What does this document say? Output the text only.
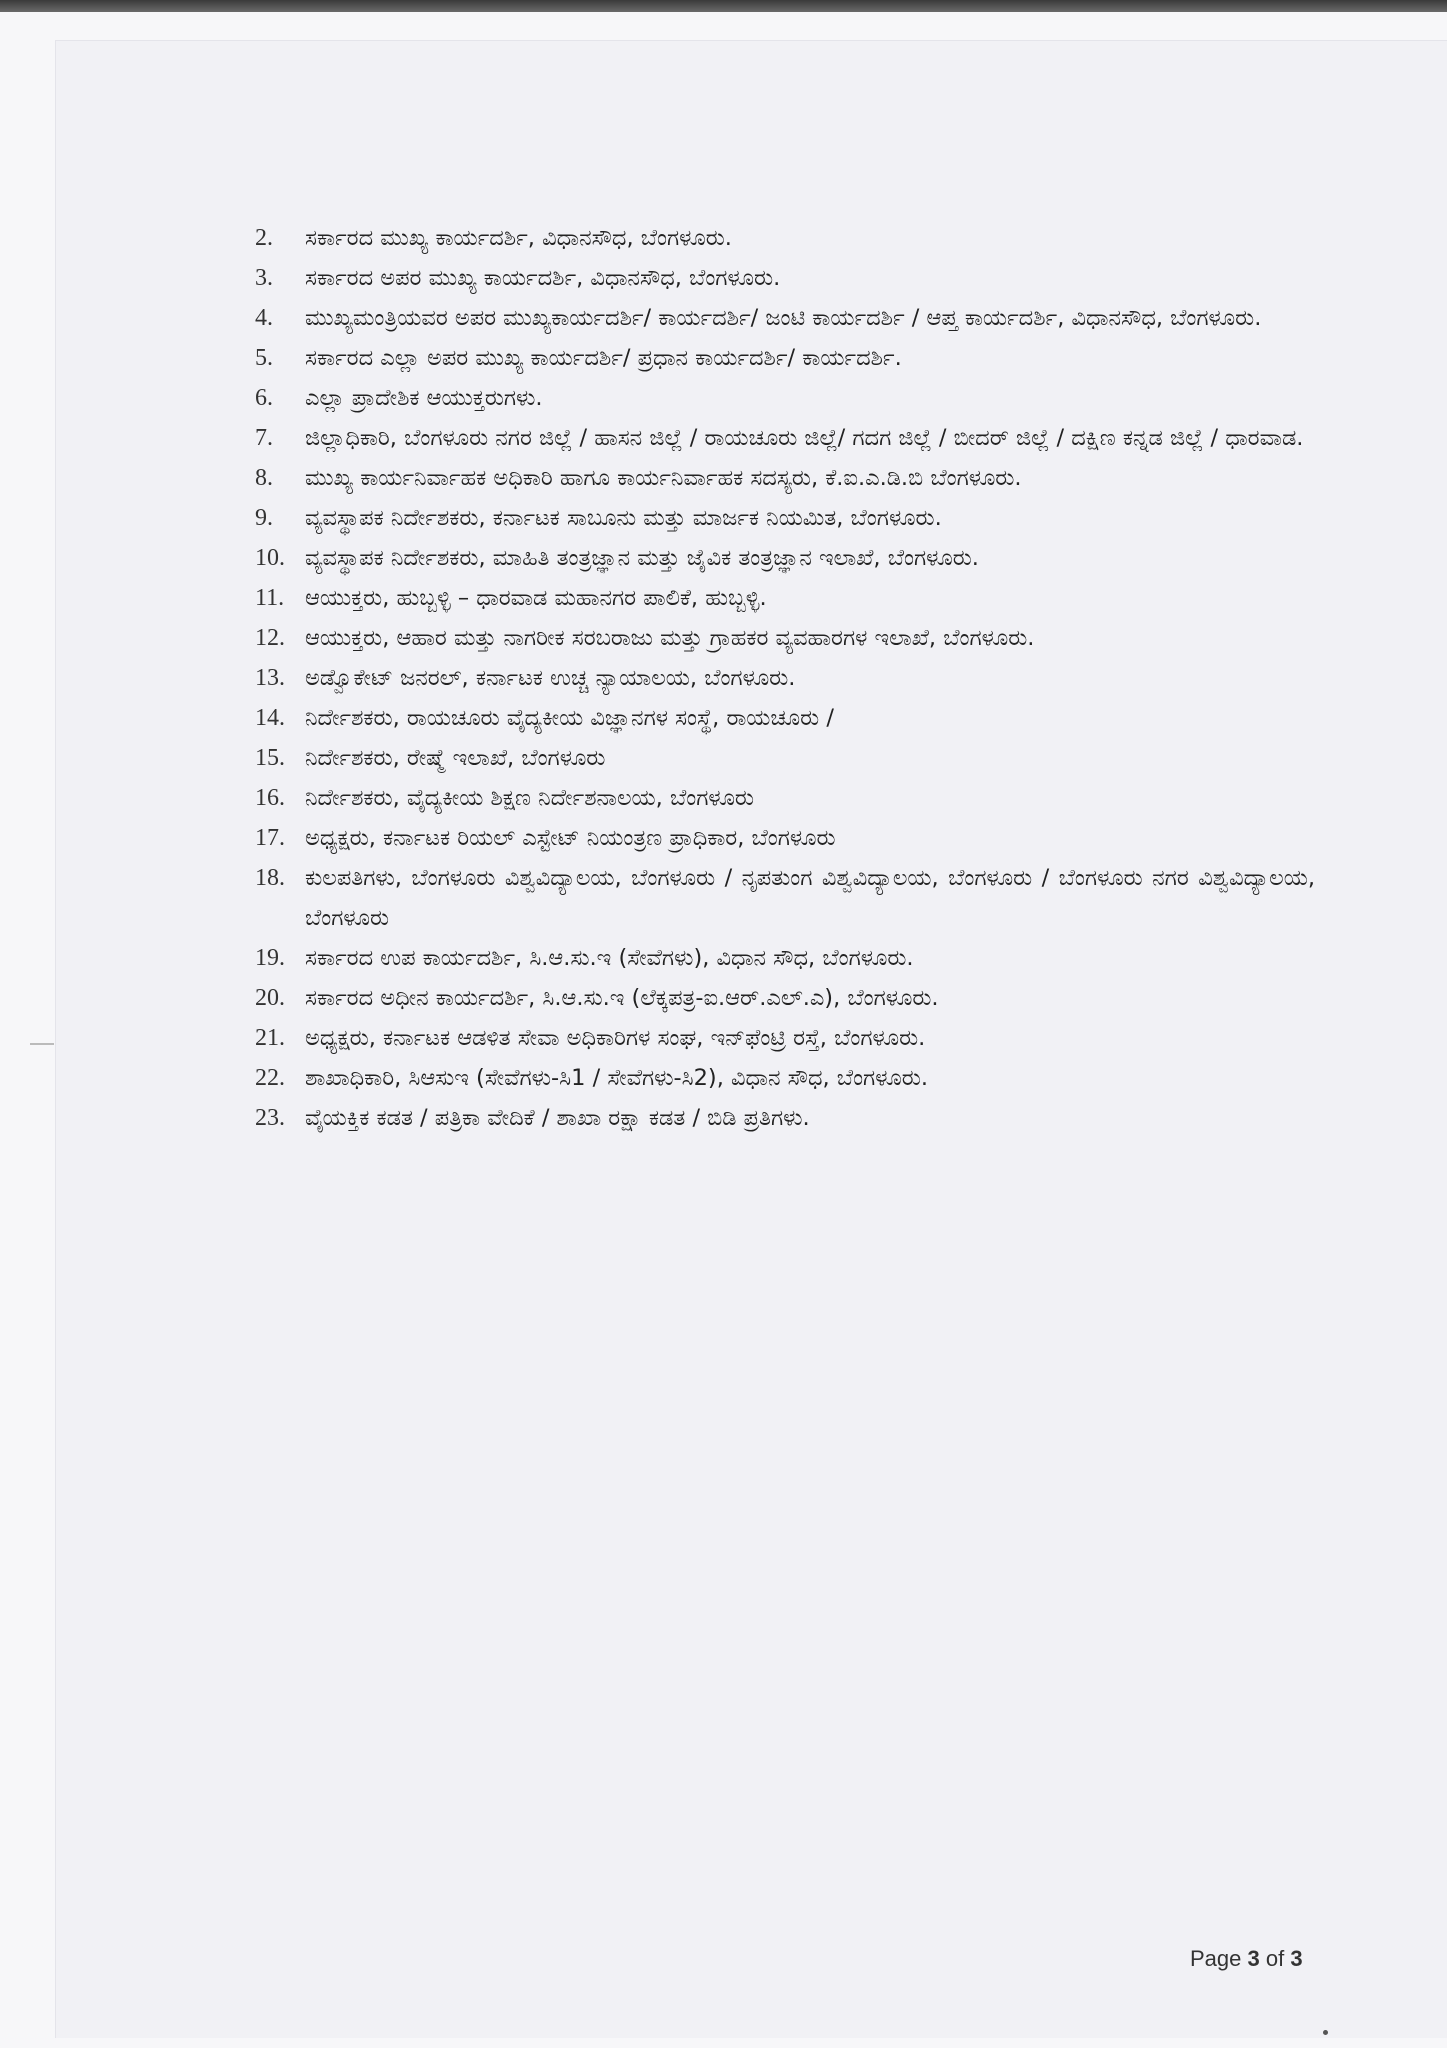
2.	ಸರ್ಕಾರದ ಮುಖ್ಯ ಕಾರ್ಯದರ್ಶಿ, ವಿಧಾನಸೌಧ, ಬೆಂಗಳೂರು.
3.	ಸರ್ಕಾರದ ಅಪರ ಮುಖ್ಯ ಕಾರ್ಯದರ್ಶಿ, ವಿಧಾನಸೌಧ, ಬೆಂಗಳೂರು.
4.	ಮುಖ್ಯಮಂತ್ರಿಯವರ ಅಪರ ಮುಖ್ಯಕಾರ್ಯದರ್ಶಿ/ ಕಾರ್ಯದರ್ಶಿ/ ಜಂಟಿ ಕಾರ್ಯದರ್ಶಿ / ಆಪ್ತ ಕಾರ್ಯದರ್ಶಿ, ವಿಧಾನಸೌಧ, ಬೆಂಗಳೂರು.
5.	ಸರ್ಕಾರದ ಎಲ್ಲಾ ಅಪರ ಮುಖ್ಯ ಕಾರ್ಯದರ್ಶಿ/ ಪ್ರಧಾನ ಕಾರ್ಯದರ್ಶಿ/ ಕಾರ್ಯದರ್ಶಿ.
6.	ಎಲ್ಲಾ ಪ್ರಾದೇಶಿಕ ಆಯುಕ್ತರುಗಳು.
7.	ಜಿಲ್ಲಾಧಿಕಾರಿ, ಬೆಂಗಳೂರು ನಗರ ಜಿಲ್ಲೆ / ಹಾಸನ ಜಿಲ್ಲೆ / ರಾಯಚೂರು ಜಿಲ್ಲೆ/ ಗದಗ ಜಿಲ್ಲೆ / ಬೀದರ್ ಜಿಲ್ಲೆ / ದಕ್ಷಿಣ ಕನ್ನಡ ಜಿಲ್ಲೆ / ಧಾರವಾಡ.
8.	ಮುಖ್ಯ ಕಾರ್ಯನಿರ್ವಾಹಕ ಅಧಿಕಾರಿ ಹಾಗೂ ಕಾರ್ಯನಿರ್ವಾಹಕ ಸದಸ್ಯರು, ಕೆ.ಐ.ಎ.ಡಿ.ಬಿ ಬೆಂಗಳೂರು.
9.	ವ್ಯವಸ್ಥಾಪಕ ನಿರ್ದೇಶಕರು, ಕರ್ನಾಟಕ ಸಾಬೂನು ಮತ್ತು ಮಾರ್ಜಕ ನಿಯಮಿತ, ಬೆಂಗಳೂರು.
10. ವ್ಯವಸ್ಥಾಪಕ ನಿರ್ದೇಶಕರು, ಮಾಹಿತಿ ತಂತ್ರಜ್ಞಾನ ಮತ್ತು ಜೈವಿಕ ತಂತ್ರಜ್ಞಾನ ಇಲಾಖೆ, ಬೆಂಗಳೂರು.
11. ಆಯುಕ್ತರು, ಹುಬ್ಬಳ್ಳಿ – ಧಾರವಾಡ ಮಹಾನಗರ ಪಾಲಿಕೆ, ಹುಬ್ಬಳ್ಳಿ.
12. ಆಯುಕ್ತರು, ಆಹಾರ ಮತ್ತು ನಾಗರೀಕ ಸರಬರಾಜು ಮತ್ತು ಗ್ರಾಹಕರ ವ್ಯವಹಾರಗಳ ಇಲಾಖೆ, ಬೆಂಗಳೂರು.
13. ಅಡ್ವೊಕೇಟ್ ಜನರಲ್, ಕರ್ನಾಟಕ ಉಚ್ಚ ನ್ಯಾಯಾಲಯ, ಬೆಂಗಳೂರು.
14. ನಿರ್ದೇಶಕರು, ರಾಯಚೂರು ವೈದ್ಯಕೀಯ ವಿಜ್ಞಾನಗಳ ಸಂಸ್ಥೆ, ರಾಯಚೂರು /
15. ನಿರ್ದೇಶಕರು, ರೇಷ್ಮೆ ಇಲಾಖೆ, ಬೆಂಗಳೂರು
16. ನಿರ್ದೇಶಕರು, ವೈದ್ಯಕೀಯ ಶಿಕ್ಷಣ ನಿರ್ದೇಶನಾಲಯ, ಬೆಂಗಳೂರು
17. ಅಧ್ಯಕ್ಷರು, ಕರ್ನಾಟಕ ರಿಯಲ್ ಎಸ್ಟೇಟ್ ನಿಯಂತ್ರಣ ಪ್ರಾಧಿಕಾರ, ಬೆಂಗಳೂರು
18. ಕುಲಪತಿಗಳು, ಬೆಂಗಳೂರು ವಿಶ್ವವಿದ್ಯಾಲಯ, ಬೆಂಗಳೂರು / ನೃಪತುಂಗ ವಿಶ್ವವಿದ್ಯಾಲಯ, ಬೆಂಗಳೂರು / ಬೆಂಗಳೂರು ನಗರ ವಿಶ್ವವಿದ್ಯಾಲಯ, ಬೆಂಗಳೂರು
19. ಸರ್ಕಾರದ ಉಪ ಕಾರ್ಯದರ್ಶಿ, ಸಿ.ಆ.ಸು.ಇ (ಸೇವೆಗಳು), ವಿಧಾನ ಸೌಧ, ಬೆಂಗಳೂರು.
20. ಸರ್ಕಾರದ ಅಧೀನ ಕಾರ್ಯದರ್ಶಿ, ಸಿ.ಆ.ಸು.ಇ (ಲೆಕ್ಕಪತ್ರ-ಐ.ಆರ್.ಎಲ್.ಎ), ಬೆಂಗಳೂರು.
21. ಅಧ್ಯಕ್ಷರು, ಕರ್ನಾಟಕ ಆಡಳಿತ ಸೇವಾ ಅಧಿಕಾರಿಗಳ ಸಂಘ, ಇನ್‌ಫೆಂಟ್ರಿ ರಸ್ತೆ, ಬೆಂಗಳೂರು.
22. ಶಾಖಾಧಿಕಾರಿ, ಸಿಆಸುಇ (ಸೇವೆಗಳು-ಸಿ1 / ಸೇವೆಗಳು-ಸಿ2), ವಿಧಾನ ಸೌಧ, ಬೆಂಗಳೂರು.
23. ವೈಯಕ್ತಿಕ ಕಡತ / ಪತ್ರಿಕಾ ವೇದಿಕೆ / ಶಾಖಾ ರಕ್ಷಾ ಕಡತ / ಬಿಡಿ ಪ್ರತಿಗಳು.
Page 3 of 3
